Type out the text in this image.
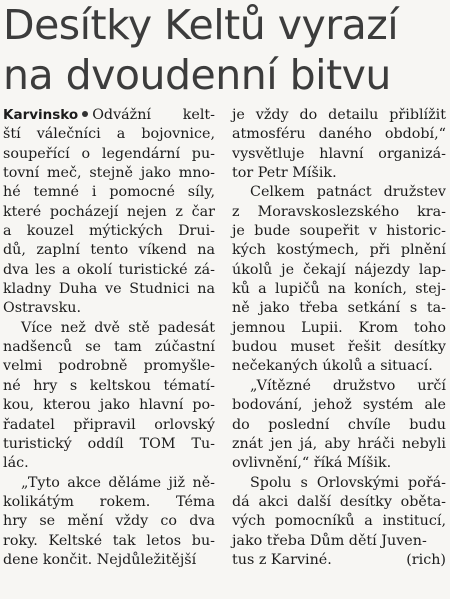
Desítky Keltů vyrazí
na dvoudenní bitvu

Karvinsko Odvážní kelt-

ští válečníci a bojovnice,

soupeřící o legendární pu-

tovní meč, stejně jako mno-

hé temné i pomocné síly,

které pocházejí nejen z čar

a kouzel mýtických Drui-

dů, zaplní tento víkend na

dva les a okolí turistické zá-

kladny Duha ve Studnici na

Ostravsku.

Více než dvě stě padesát

nadšenců se tam zúčastní

velmi podrobně promyšle-

né hry s keltskou tématí-

kou, kterou jako hlavní po-

řadatel připravil orlovský

turistický oddíl TOM Tu-

lác.

„Tyto akce děláme již ně-

kolikátým rokem. Téma

hry se mění vždy co dva

roky. Keltské tak letos bu-

dene končit. Nejdůležitější

je vždy do detailu přiblížit

atmosféru daného období,“

vysvětluje hlavní organizá-

tor Petr Míšik.

Celkem patnáct družstev

z Moravskoslezského kra-

je bude soupeřit v historic-

kých kostýmech, při plnění

úkolů je čekají nájezdy lap-

ků a lupičů na koních, stej-

ně jako třeba setkání s ta-

jemnou Lupii. Krom toho

budou muset řešit desítky

nečekaných úkolů a situací.

„Vítězné družstvo určí

bodování, jehož systém ale

do poslední chvíle budu

znát jen já, aby hráči nebyli

ovlivnění,“ říká Míšik.

Spolu s Orlovskými pořá-

dá akci další desítky obětа-

vých pomocníků a institucí,

jako třeba Dům dětí Juven-

tus z Karviné.	(rich)
